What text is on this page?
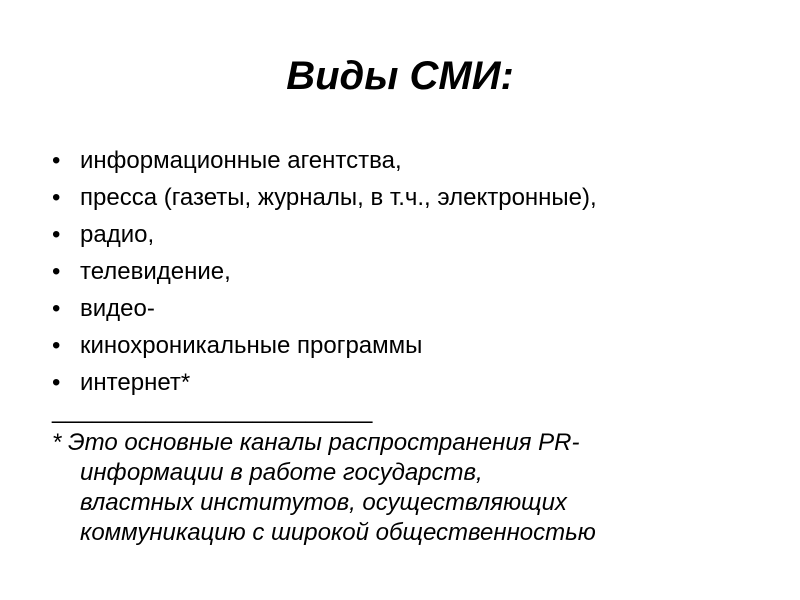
Виды СМИ:
• информационные агентства,
• пресса (газеты, журналы, в т.ч., электронные),
• радио,
• телевидение,
• видео-
• кинохроникальные программы
• интернет*

________________________

* Это основные каналы распространения PR-
информации в работе государств,
властных институтов, осуществляющих
коммуникацию с широкой общественностью
